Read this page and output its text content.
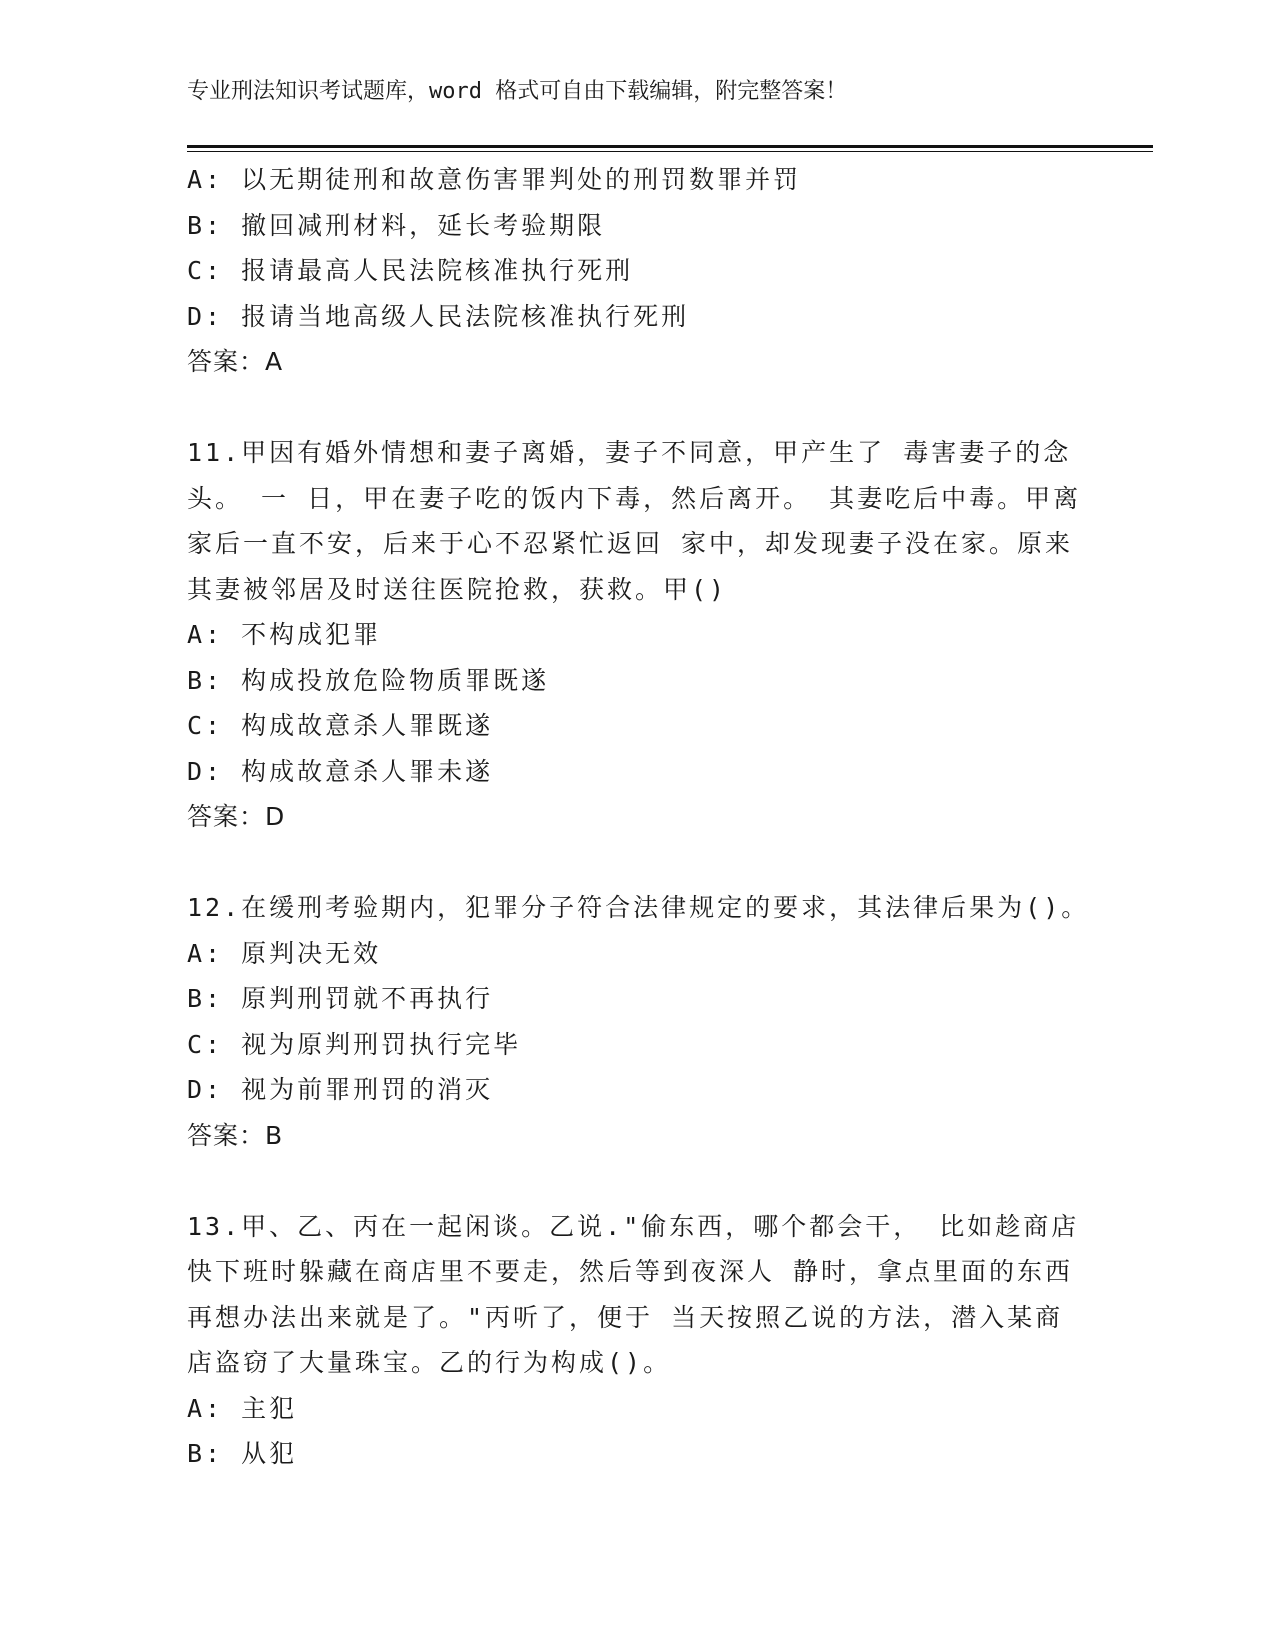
专业刑法知识考试题库，word 格式可自由下载编辑，附完整答案！
A: 以无期徒刑和故意伤害罪判处的刑罚数罪并罚
B: 撤回减刑材料，延长考验期限
C: 报请最高人民法院核准执行死刑
D: 报请当地高级人民法院核准执行死刑
答案：A
11.甲因有婚外情想和妻子离婚，妻子不同意，甲产生了 毒害妻子的念
头。 一 日，甲在妻子吃的饭内下毒，然后离开。 其妻吃后中毒。甲离
家后一直不安，后来于心不忍紧忙返回 家中，却发现妻子没在家。原来
其妻被邻居及时送往医院抢救，获救。甲()
A: 不构成犯罪
B: 构成投放危险物质罪既遂
C: 构成故意杀人罪既遂
D: 构成故意杀人罪未遂
答案：D
12.在缓刑考验期内，犯罪分子符合法律规定的要求，其法律后果为()。
A: 原判决无效
B: 原判刑罚就不再执行
C: 视为原判刑罚执行完毕
D: 视为前罪刑罚的消灭
答案：B
13.甲、乙、丙在一起闲谈。乙说."偷东西，哪个都会干， 比如趁商店
快下班时躲藏在商店里不要走，然后等到夜深人 静时，拿点里面的东西
再想办法出来就是了。"丙听了，便于 当天按照乙说的方法，潜入某商
店盗窃了大量珠宝。乙的行为构成()。
A: 主犯
B: 从犯
